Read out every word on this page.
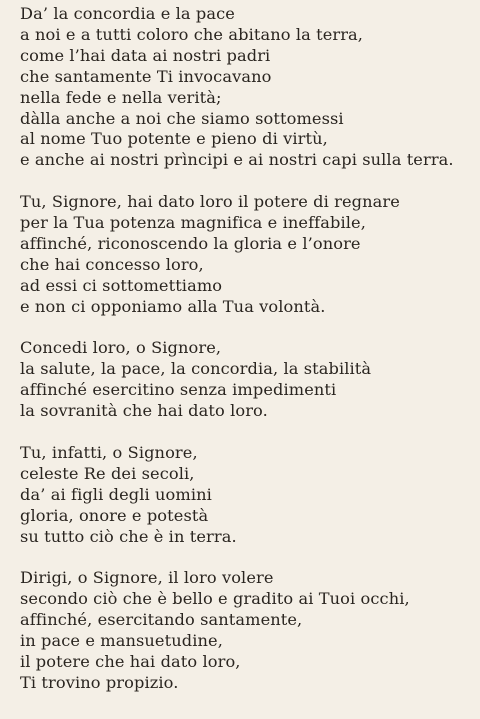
Da’ la concordia e la pace
a noi e a tutti coloro che abitano la terra,
come l’hai data ai nostri padri
che santamente Ti invocavano
nella fede e nella verità;
dàlla anche a noi che siamo sottomessi
al nome Tuo potente e pieno di virtù,
e anche ai nostri prìncipi e ai nostri capi sulla terra.
Tu, Signore, hai dato loro il potere di regnare
per la Tua potenza magnifica e ineffabile,
affinché, riconoscendo la gloria e l’onore
che hai concesso loro,
ad essi ci sottomettiamo
e non ci opponiamo alla Tua volontà.
Concedi loro, o Signore,
la salute, la pace, la concordia, la stabilità
affinché esercitino senza impedimenti
la sovranità che hai dato loro.
Tu, infatti, o Signore,
celeste Re dei secoli,
da’ ai figli degli uomini
gloria, onore e potestà
su tutto ciò che è in terra.
Dirigi, o Signore, il loro volere
secondo ciò che è bello e gradito ai Tuoi occhi,
affinché, esercitando santamente,
in pace e mansuetudine,
il potere che hai dato loro,
Ti trovino propizio.
